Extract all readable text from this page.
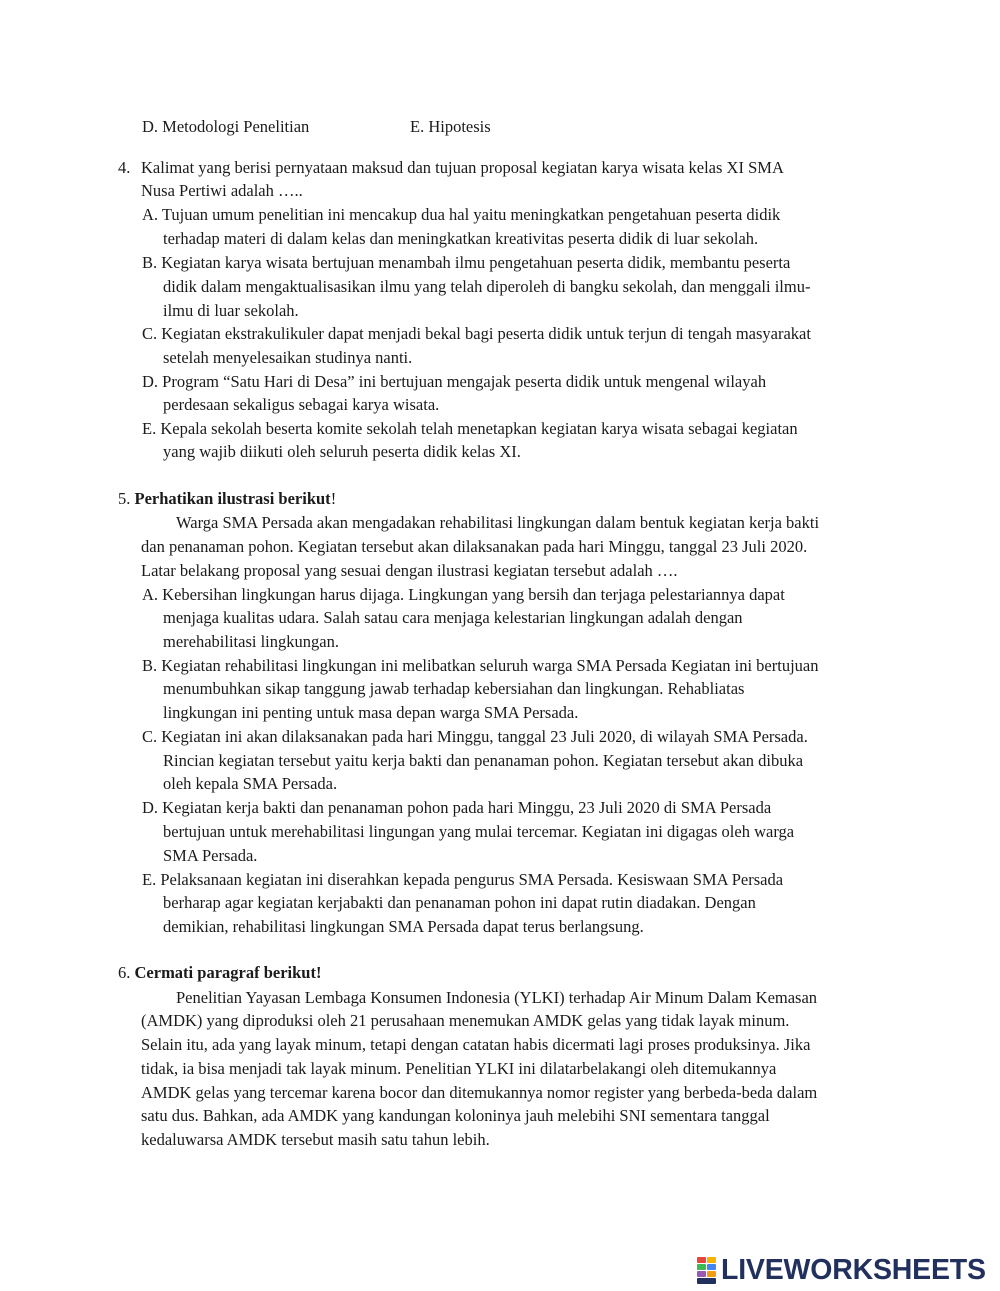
D. Metodologi Penelitian	E. Hipotesis
4. Kalimat yang berisi pernyataan maksud dan tujuan proposal kegiatan karya wisata kelas XI SMA
Nusa Pertiwi adalah …..
A. Tujuan umum penelitian ini mencakup dua hal yaitu meningkatkan pengetahuan peserta didik
terhadap materi di dalam kelas dan meningkatkan kreativitas peserta didik di luar sekolah.
B. Kegiatan karya wisata bertujuan menambah ilmu pengetahuan peserta didik, membantu peserta
didik dalam mengaktualisasikan ilmu yang telah diperoleh di bangku sekolah, dan menggali ilmu-
ilmu di luar sekolah.
C. Kegiatan ekstrakulikuler dapat menjadi bekal bagi peserta didik untuk terjun di tengah masyarakat
setelah menyelesaikan studinya nanti.
D. Program “Satu Hari di Desa” ini bertujuan mengajak peserta didik untuk mengenal wilayah
perdesaan sekaligus sebagai karya wisata.
E. Kepala sekolah beserta komite sekolah telah menetapkan kegiatan karya wisata sebagai kegiatan
yang wajib diikuti oleh seluruh peserta didik kelas XI.
5. Perhatikan ilustrasi berikut!
Warga SMA Persada akan mengadakan rehabilitasi lingkungan dalam bentuk kegiatan kerja bakti
dan penanaman pohon. Kegiatan tersebut akan dilaksanakan pada hari Minggu, tanggal 23 Juli 2020.
Latar belakang proposal yang sesuai dengan ilustrasi kegiatan tersebut adalah ….
A. Kebersihan lingkungan harus dijaga. Lingkungan yang bersih dan terjaga pelestariannya dapat
menjaga kualitas udara. Salah satau cara menjaga kelestarian lingkungan adalah dengan
merehabilitasi lingkungan.
B. Kegiatan rehabilitasi lingkungan ini melibatkan seluruh warga SMA Persada Kegiatan ini bertujuan
menumbuhkan sikap tanggung jawab terhadap kebersiahan dan lingkungan. Rehabliatas
lingkungan ini penting untuk masa depan warga SMA Persada.
C. Kegiatan ini akan dilaksanakan pada hari Minggu, tanggal 23 Juli 2020, di wilayah SMA Persada.
Rincian kegiatan tersebut yaitu kerja bakti dan penanaman pohon. Kegiatan tersebut akan dibuka
oleh kepala SMA Persada.
D. Kegiatan kerja bakti dan penanaman pohon pada hari Minggu, 23 Juli 2020 di SMA Persada
bertujuan untuk merehabilitasi lingungan yang mulai tercemar. Kegiatan ini digagas oleh warga
SMA Persada.
E. Pelaksanaan kegiatan ini diserahkan kepada pengurus SMA Persada. Kesiswaan SMA Persada
berharap agar kegiatan kerjabakti dan penanaman pohon ini dapat rutin diadakan. Dengan
demikian, rehabilitasi lingkungan SMA Persada dapat terus berlangsung.
6. Cermati paragraf berikut!
Penelitian Yayasan Lembaga Konsumen Indonesia (YLKI) terhadap Air Minum Dalam Kemasan
(AMDK) yang diproduksi oleh 21 perusahaan menemukan AMDK gelas yang tidak layak minum.
Selain itu, ada yang layak minum, tetapi dengan catatan habis dicermati lagi proses produksinya. Jika
tidak, ia bisa menjadi tak layak minum. Penelitian YLKI ini dilatarbelakangi oleh ditemukannya
AMDK gelas yang tercemar karena bocor dan ditemukannya nomor register yang berbeda-beda dalam
satu dus. Bahkan, ada AMDK yang kandungan koloninya jauh melebihi SNI sementara tanggal
kedaluwarsa AMDK tersebut masih satu tahun lebih.
LIVEWORKSHEETS
